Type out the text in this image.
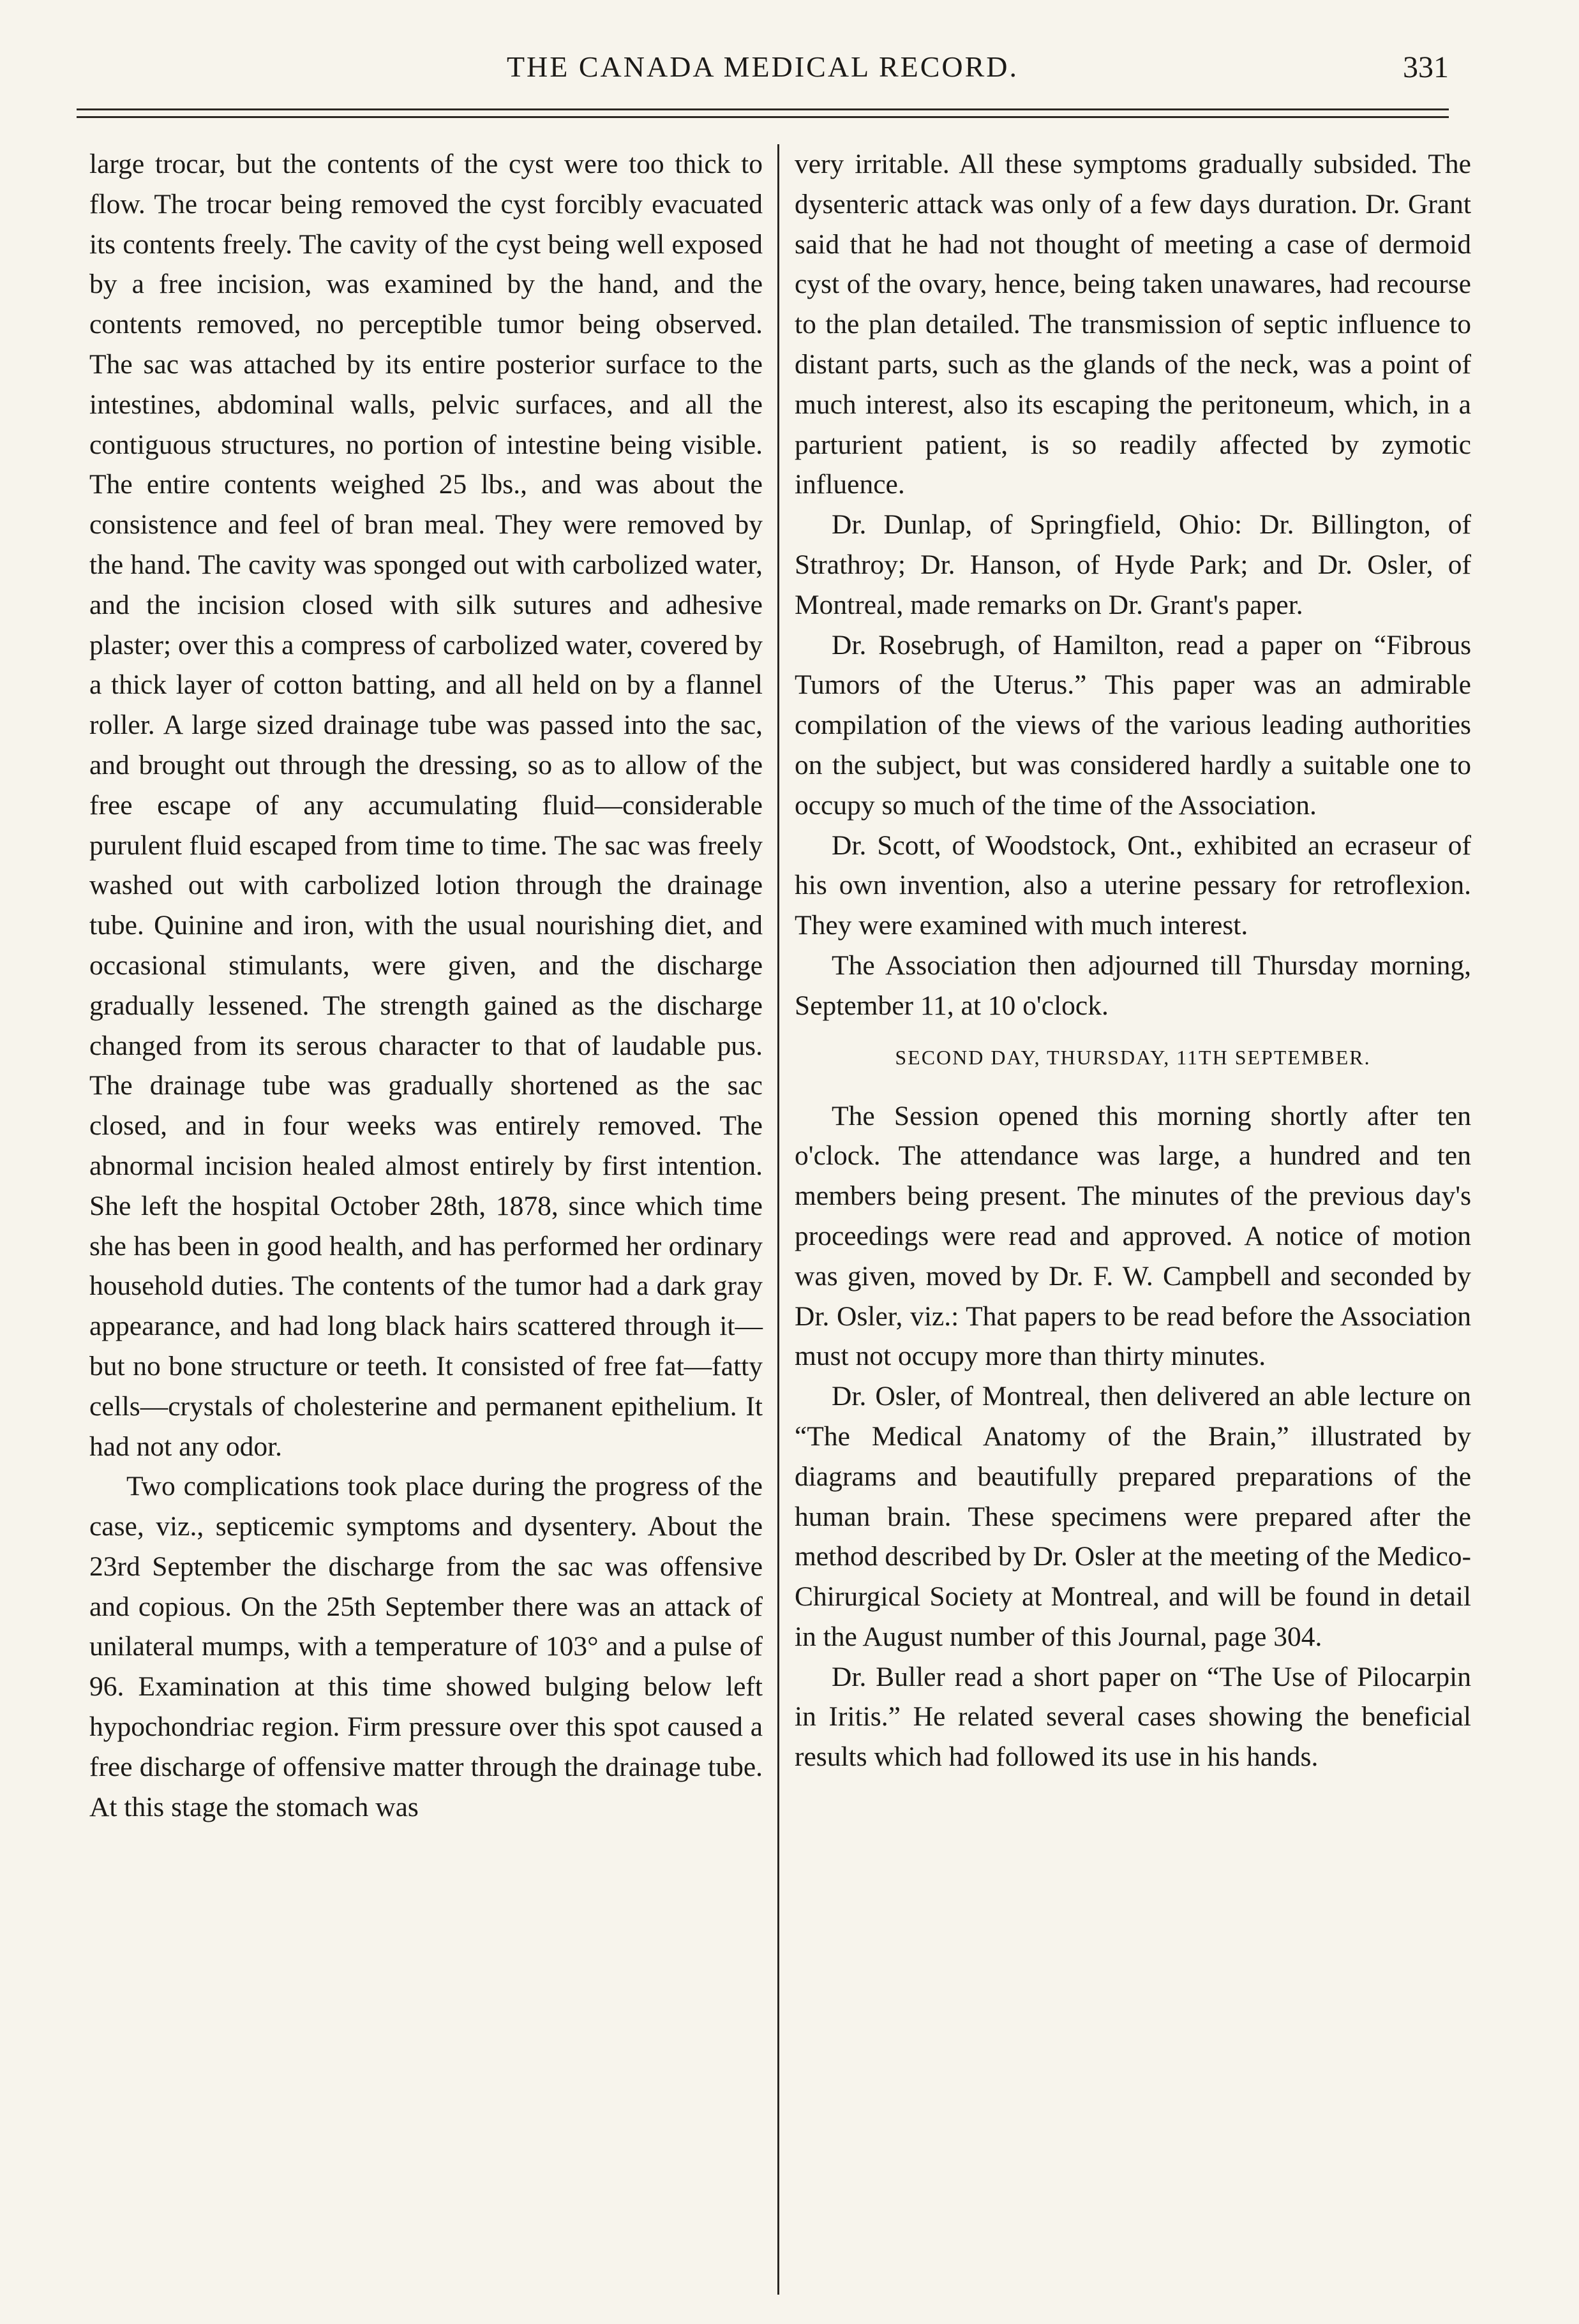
THE CANADA MEDICAL RECORD.	331

large trocar, but the contents of the cyst were too thick to flow. The trocar being removed the cyst forcibly evacuated its contents freely. The cavity of the cyst being well exposed by a free incision, was examined by the hand, and the contents removed, no perceptible tumor being observed. The sac was attached by its entire posterior surface to the intestines, abdominal walls, pelvic surfaces, and all the contiguous structures, no portion of intestine being visible. The entire contents weighed 25 lbs., and was about the consistence and feel of bran meal. They were removed by the hand. The cavity was sponged out with carbolized water, and the incision closed with silk sutures and adhesive plaster; over this a compress of carbolized water, covered by a thick layer of cotton batting, and all held on by a flannel roller. A large sized drainage tube was passed into the sac, and brought out through the dressing, so as to allow of the free escape of any accumulating fluid—considerable purulent fluid escaped from time to time. The sac was freely washed out with carbolized lotion through the drainage tube. Quinine and iron, with the usual nourishing diet, and occasional stimulants, were given, and the discharge gradually lessened. The strength gained as the discharge changed from its serous character to that of laudable pus. The drainage tube was gradually shortened as the sac closed, and in four weeks was entirely removed. The abnormal incision healed almost entirely by first intention. She left the hospital October 28th, 1878, since which time she has been in good health, and has performed her ordinary household duties. The contents of the tumor had a dark gray appearance, and had long black hairs scattered through it—but no bone structure or teeth. It consisted of free fat—fatty cells—crystals of cholesterine and permanent epithelium. It had not any odor.

Two complications took place during the progress of the case, viz., septicemic symptoms and dysentery. About the 23rd September the discharge from the sac was offensive and copious. On the 25th September there was an attack of unilateral mumps, with a temperature of 103° and a pulse of 96. Examination at this time showed bulging below left hypochondriac region. Firm pressure over this spot caused a free discharge of offensive matter through the drainage tube. At this stage the stomach was

very irritable. All these symptoms gradually subsided. The dysenteric attack was only of a few days duration. Dr. Grant said that he had not thought of meeting a case of dermoid cyst of the ovary, hence, being taken unawares, had recourse to the plan detailed. The transmission of septic influence to distant parts, such as the glands of the neck, was a point of much interest, also its escaping the peritoneum, which, in a parturient patient, is so readily affected by zymotic influence.

Dr. Dunlap, of Springfield, Ohio: Dr. Billington, of Strathroy; Dr. Hanson, of Hyde Park; and Dr. Osler, of Montreal, made remarks on Dr. Grant's paper.

Dr. Rosebrugh, of Hamilton, read a paper on “Fibrous Tumors of the Uterus.” This paper was an admirable compilation of the views of the various leading authorities on the subject, but was considered hardly a suitable one to occupy so much of the time of the Association.

Dr. Scott, of Woodstock, Ont., exhibited an ecraseur of his own invention, also a uterine pessary for retroflexion. They were examined with much interest.

The Association then adjourned till Thursday morning, September 11, at 10 o'clock.

SECOND DAY, THURSDAY, 11TH SEPTEMBER.

The Session opened this morning shortly after ten o'clock. The attendance was large, a hundred and ten members being present. The minutes of the previous day's proceedings were read and approved. A notice of motion was given, moved by Dr. F. W. Campbell and seconded by Dr. Osler, viz.: That papers to be read before the Association must not occupy more than thirty minutes.

Dr. Osler, of Montreal, then delivered an able lecture on “The Medical Anatomy of the Brain,” illustrated by diagrams and beautifully prepared preparations of the human brain. These specimens were prepared after the method described by Dr. Osler at the meeting of the Medico-Chirurgical Society at Montreal, and will be found in detail in the August number of this Journal, page 304.

Dr. Buller read a short paper on “The Use of Pilocarpin in Iritis.” He related several cases showing the beneficial results which had followed its use in his hands.
